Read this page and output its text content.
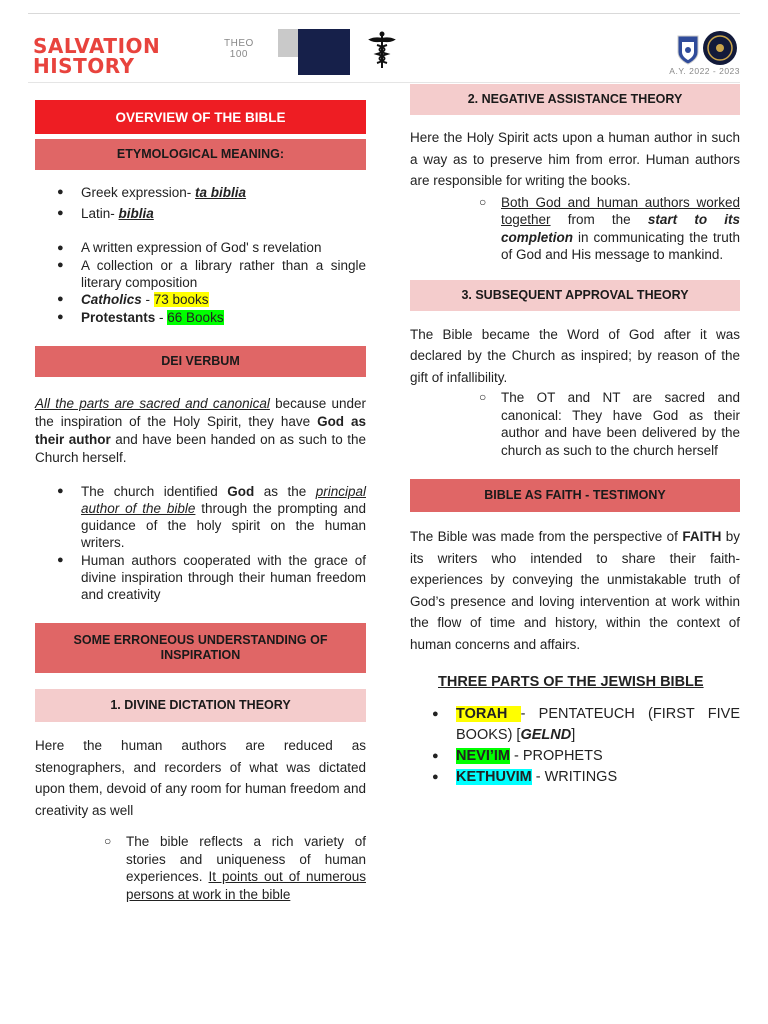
SALVATION
HISTORY
THEO
100
A.Y. 2022 - 2023
OVERVIEW OF THE BIBLE
ETYMOLOGICAL MEANING:
● Greek expression- ta biblia
● Latin- biblia
● A written expression of God' s revelation
● A collection or a library rather than a single literary composition
● Catholics - 73 books
● Protestants - 66 Books
DEI VERBUM

All the parts are sacred and canonical because under the inspiration of the Holy Spirit, they have God as their author and have been handed on as such to the Church herself.

● The church identified God as the principal author of the bible through the prompting and guidance of the holy spirit on the human writers.
● Human authors cooperated with the grace of divine inspiration through their human freedom and creativity
SOME ERRONEOUS UNDERSTANDING OF INSPIRATION
1. DIVINE DICTATION THEORY

Here the human authors are reduced as stenographers, and recorders of what was dictated upon them, devoid of any room for human freedom and creativity as well

○ The bible reflects a rich variety of stories and uniqueness of human experiences. It points out of numerous persons at work in the bible
2. NEGATIVE ASSISTANCE THEORY

Here the Holy Spirit acts upon a human author in such a way as to preserve him from error. Human authors are responsible for writing the books.

○ Both God and human authors worked together from the start to its completion in communicating the truth of God and His message to mankind.
3. SUBSEQUENT APPROVAL THEORY

The Bible became the Word of God after it was declared by the Church as inspired; by reason of the gift of infallibility.

○ The OT and NT are sacred and canonical: They have God as their author and have been delivered by the church as such to the church herself
BIBLE AS FAITH - TESTIMONY

The Bible was made from the perspective of FAITH by its writers who intended to share their faith-experiences by conveying the unmistakable truth of God’s presence and loving intervention at work within the flow of time and history, within the context of human concerns and affairs.

THREE PARTS OF THE JEWISH BIBLE
● TORAH - PENTATEUCH (FIRST FIVE BOOKS) [GELND]
● NEVI’IM - PROPHETS
● KETHUVIM - WRITINGS
